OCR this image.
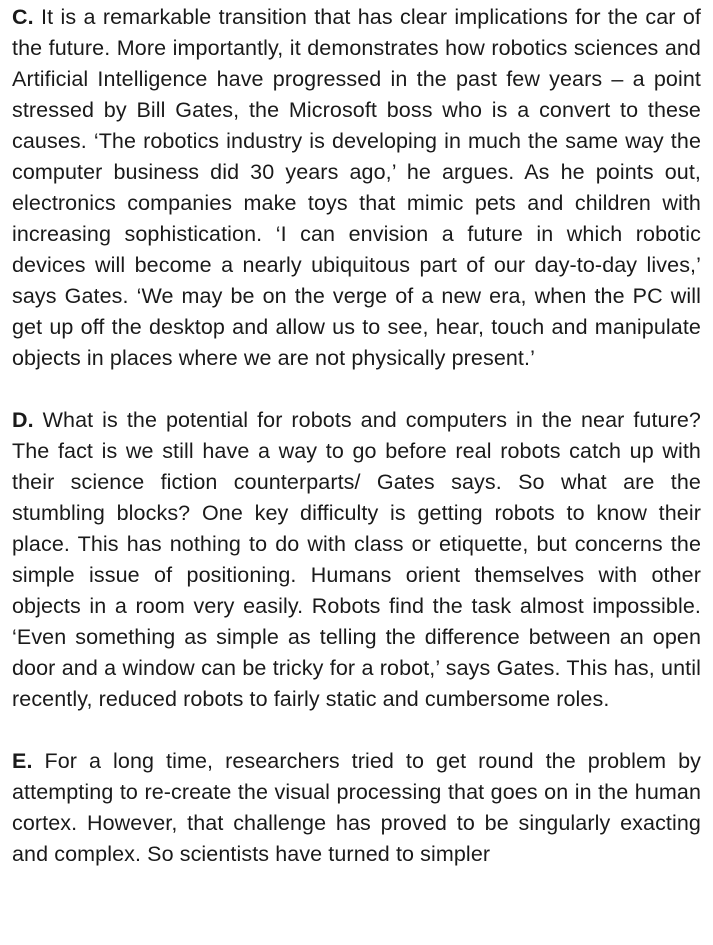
C. It is a remarkable transition that has clear implications for the car of the future. More importantly, it demonstrates how robotics sciences and Artificial Intelligence have progressed in the past few years – a point stressed by Bill Gates, the Microsoft boss who is a convert to these causes. ‘The robotics industry is developing in much the same way the computer business did 30 years ago,’ he argues. As he points out, electronics companies make toys that mimic pets and children with increasing sophistication. ‘I can envision a future in which robotic devices will become a nearly ubiquitous part of our day-to-day lives,’ says Gates. ‘We may be on the verge of a new era, when the PC will get up off the desktop and allow us to see, hear, touch and manipulate objects in places where we are not physically present.’

D. What is the potential for robots and computers in the near future? The fact is we still have a way to go before real robots catch up with their science fiction counterparts/ Gates says. So what are the stumbling blocks? One key difficulty is getting robots to know their place. This has nothing to do with class or etiquette, but concerns the simple issue of positioning. Humans orient themselves with other objects in a room very easily. Robots find the task almost impossible. ‘Even something as simple as telling the difference between an open door and a window can be tricky for a robot,’ says Gates. This has, until recently, reduced robots to fairly static and cumbersome roles.

E. For a long time, researchers tried to get round the problem by attempting to re-create the visual processing that goes on in the human cortex. However, that challenge has proved to be singularly exacting and complex. So scientists have turned to simpler
